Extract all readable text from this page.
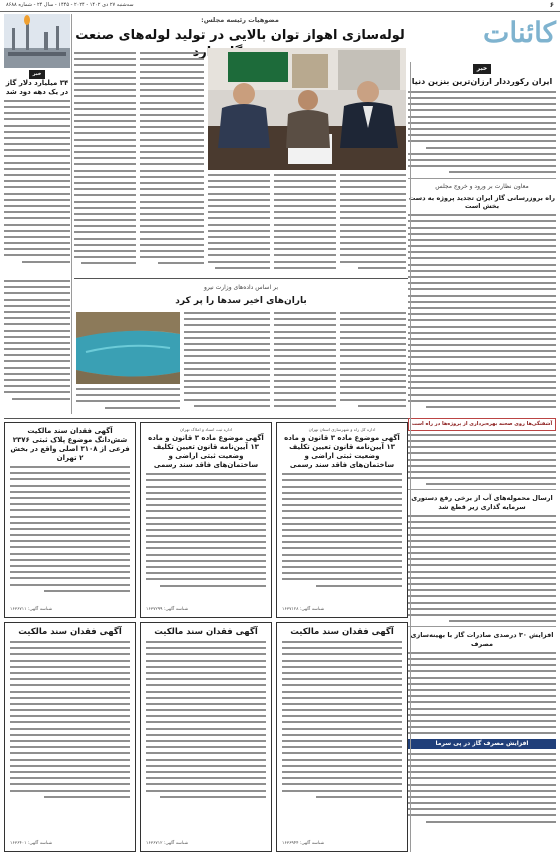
۶
سه‌شنبه ۲۷ دی ۱۴۰۲ - ۲۰۲۴ - ۱۴۴۵ - سال ۲۴ - شماره ۸۶۸۸
کائنات
خبر
ایران رکورددار ارزان‌ترین بنزین دنیا
معاون نظارت بر ورود و خروج مجلس
راه بروزرسانی گاز ایران تجدید پروژه به دست بخش است
آشفتگی‌ها روی صحنه بهره‌برداری از پروژه‌ها در راه است
ارسال محموله‌های آب از برخی رفع دستوری سرمایه گذاری زیر قطع شد
افزایش ۳۰ درصدی صادرات گاز با بهینه‌سازی مصرف
افزایش مصرف گاز در پی سرما
مضوهیات رئیسه مجلس:
لوله‌سازی اهواز توان بالایی در تولید لوله‌های صنعت دارد
خبر
۳۴ میلیارد دلار گاز در یک دهه دود شد
بر اساس داده‌های وزارت نیرو
باران‌های اخیر سدها را پر کرد
اداره کل راه و شهرسازی استان تهران
آگهی موضوع ماده ۳ قانون و ماده ۱۳ آیین‌نامه قانون تعیین تکلیف وضعیت ثبتی اراضی و ساختمان‌های فاقد سند رسمی
شناسه آگهی: ۱۶۳۷۱۲۸
اداره ثبت اسناد و املاک تهران
آگهی موضوع ماده ۳ قانون و ماده ۱۳ آیین‌نامه قانون تعیین تکلیف وضعیت ثبتی اراضی و ساختمان‌های فاقد سند رسمی
شناسه آگهی: ۱۶۳۷۲۹۹
آگهی فقدان سند مالکیت شش‌دانگ موضوع پلاک ثبتی ۲۳۷۶ فرعی از ۳۱۰۸ اصلی واقع در بخش ۲ تهران
شناسه آگهی: ۱۶۳۶۷۱۱
آگهی فقدان سند مالکیت
شناسه آگهی: ۱۶۳۶۹۴۴
آگهی فقدان سند مالکیت
شناسه آگهی: ۱۶۳۶۷۱۲
آگهی فقدان سند مالکیت
شناسه آگهی: ۱۶۳۶۴۰۱
